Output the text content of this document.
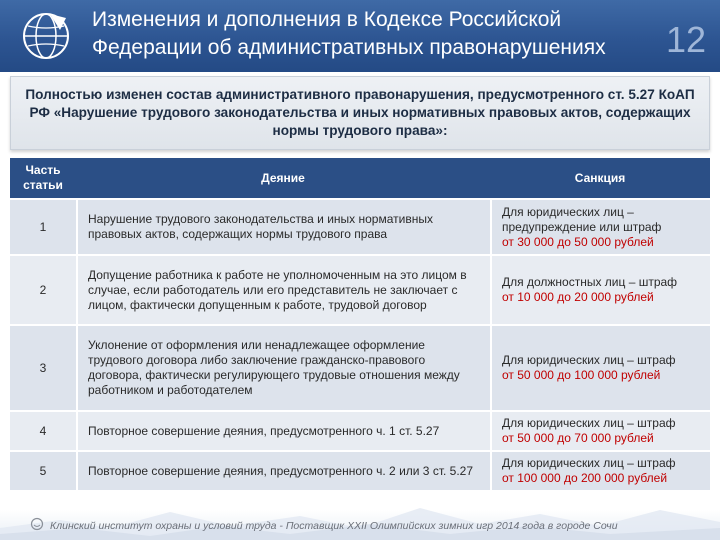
Изменения и дополнения в Кодексе Российской
Федерации об административных правонарушениях	12
Полностью изменен состав административного правонарушения, предусмотренного ст. 5.27 КоАП РФ «Нарушение трудового законодательства и иных нормативных правовых актов, содержащих нормы трудового права»:
Часть статьи	Деяние	Санкция
1	Нарушение трудового законодательства и иных нормативных правовых актов, содержащих нормы трудового права	Для юридических лиц – предупреждение или штраф
от 30 000 до 50 000 рублей
2	Допущение работника к работе не уполномоченным на это лицом в случае, если работодатель или его представитель не заключает с лицом, фактически допущенным к работе, трудовой договор	Для должностных лиц – штраф
от 10 000 до 20 000 рублей
3	Уклонение от оформления или ненадлежащее оформление трудового договора либо заключение гражданско-правового договора, фактически регулирующего трудовые отношения между работником и работодателем	Для юридических лиц – штраф
от 50 000 до 100 000 рублей
4	Повторное совершение деяния, предусмотренного ч. 1 ст. 5.27	Для юридических лиц – штраф
от 50 000 до 70 000 рублей
5	Повторное совершение деяния, предусмотренного ч. 2 или 3 ст. 5.27	Для юридических лиц – штраф
от 100 000 до 200 000 рублей
Клинский институт охраны и условий труда - Поставщик XXII Олимпийских зимних игр 2014 года в городе Сочи
